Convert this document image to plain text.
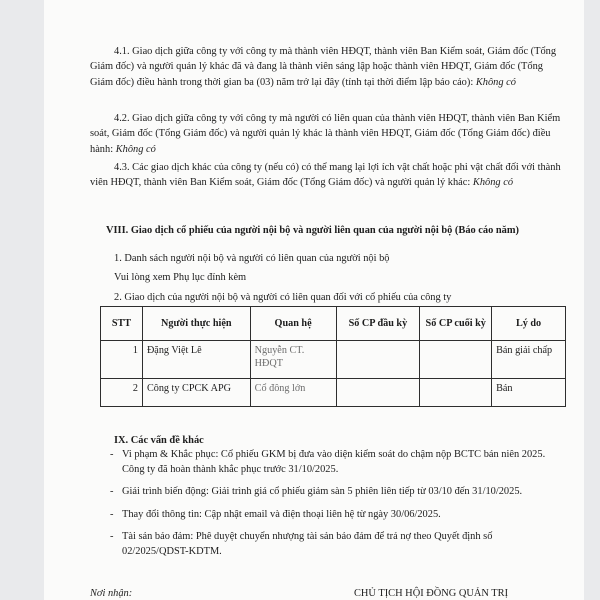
4.1. Giao dịch giữa công ty với công ty mà thành viên HĐQT, thành viên Ban Kiểm soát, Giám đốc (Tổng Giám đốc) và người quản lý khác đã và đang là thành viên sáng lập hoặc thành viên HĐQT, Giám đốc (Tổng Giám đốc) điều hành trong thời gian ba (03) năm trở lại đây (tính tại thời điểm lập báo cáo): Không có

4.2. Giao dịch giữa công ty với công ty mà người có liên quan của thành viên HĐQT, thành viên Ban Kiểm soát, Giám đốc (Tổng Giám đốc) và người quản lý khác là thành viên HĐQT, Giám đốc (Tổng Giám đốc) điều hành: Không có

4.3. Các giao dịch khác của công ty (nếu có) có thể mang lại lợi ích vật chất hoặc phi vật chất đối với thành viên HĐQT, thành viên Ban Kiểm soát, Giám đốc (Tổng Giám đốc) và người quản lý khác: Không có

VIII. Giao dịch cổ phiếu của người nội bộ và người liên quan của người nội bộ (Báo cáo năm)
1. Danh sách người nội bộ và người có liên quan của người nội bộ
Vui lòng xem Phụ lục đính kèm
2. Giao dịch của người nội bộ và người có liên quan đối với cổ phiếu của công ty
STT	Người thực hiện	Quan hệ	Số CP đầu kỳ	Số CP cuối kỳ	Lý do
1	Đặng Việt Lê	Nguyễn CT. HĐQT			Bán giải chấp
2	Công ty CPCK APG	Cổ đông lớn			Bán
IX. Các vấn đề khác
- Vi phạm & Khắc phục: Cổ phiếu GKM bị đưa vào diện kiểm soát do chậm nộp BCTC bán niên 2025. Công ty đã hoàn thành khắc phục trước 31/10/2025.
- Giải trình biến động: Giải trình giá cổ phiếu giảm sàn 5 phiên liên tiếp từ 03/10 đến 31/10/2025.
- Thay đổi thông tin: Cập nhật email và điện thoại liên hệ từ ngày 30/06/2025.
- Tài sản bảo đảm: Phê duyệt chuyển nhượng tài sản bảo đảm để trả nợ theo Quyết định số 02/2025/QDST-KDTM.
Nơi nhận:	CHỦ TỊCH HỘI ĐỒNG QUẢN TRỊ
